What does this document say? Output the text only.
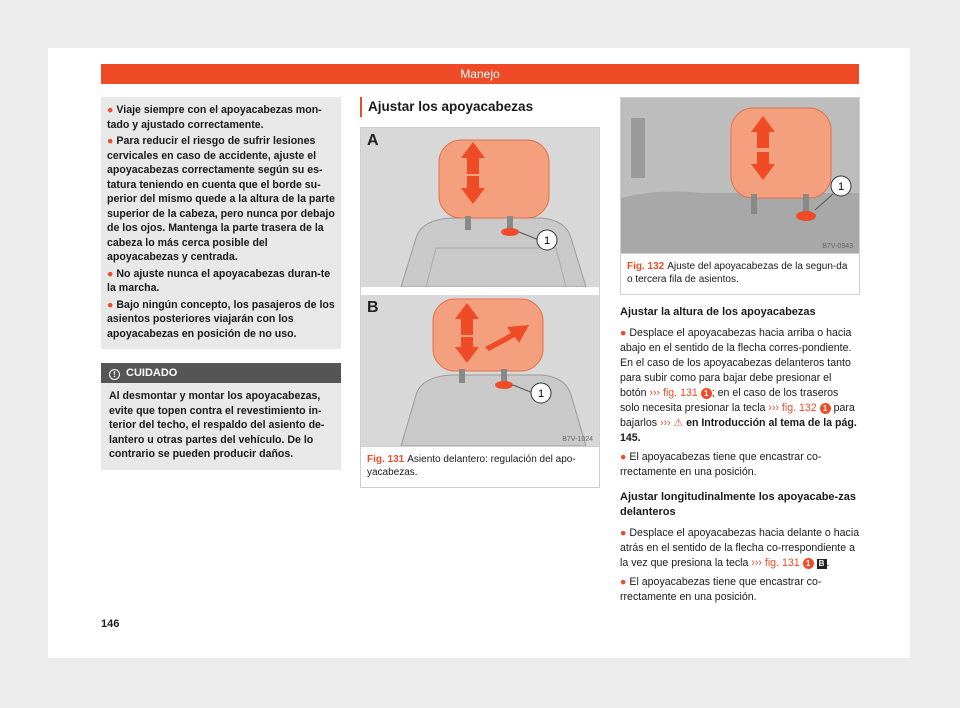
Manejo

● Viaje siempre con el apoyacabezas mon-tado y ajustado correctamente.

● Para reducir el riesgo de sufrir lesiones cervicales en caso de accidente, ajuste el apoyacabezas correctamente según su es-tatura teniendo en cuenta que el borde su-perior del mismo quede a la altura de la parte superior de la cabeza, pero nunca por debajo de los ojos. Mantenga la parte trasera de la cabeza lo más cerca posible del apoyacabezas y centrada.

● No ajuste nunca el apoyacabezas duran-te la marcha.

● Bajo ningún concepto, los pasajeros de los asientos posteriores viajarán con los apoyacabezas en posición de no uso.

! CUIDADO
Al desmontar y montar los apoyacabezas, evite que topen contra el revestimiento in-terior del techo, el respaldo del asiento de-lantero u otras partes del vehículo. De lo contrario se pueden producir daños.
146
Ajustar los apoyacabezas
A
1
B
1
B7V-1024
Fig. 131 Asiento delantero: regulación del apo-yacabezas.
1
B7V-0943
Fig. 132 Ajuste del apoyacabezas de la segun-da o tercera fila de asientos.
Ajustar la altura de los apoyacabezas

● Desplace el apoyacabezas hacia arriba o hacia abajo en el sentido de la flecha corres-pondiente. En el caso de los apoyacabezas delanteros tanto para subir como para bajar debe presionar el botón ››› fig. 131 1 ; en el caso de los traseros solo necesita presionar la tecla ››› fig. 132 1 para bajarlos ››› ⚠ en Introducción al tema de la pág. 145.

● El apoyacabezas tiene que encastrar co-rrectamente en una posición.

Ajustar longitudinalmente los apoyacabe-zas delanteros

● Desplace el apoyacabezas hacia delante o hacia atrás en el sentido de la flecha co-rrespondiente a la vez que presiona la tecla ››› fig. 131 1 B .

● El apoyacabezas tiene que encastrar co-rrectamente en una posición.
